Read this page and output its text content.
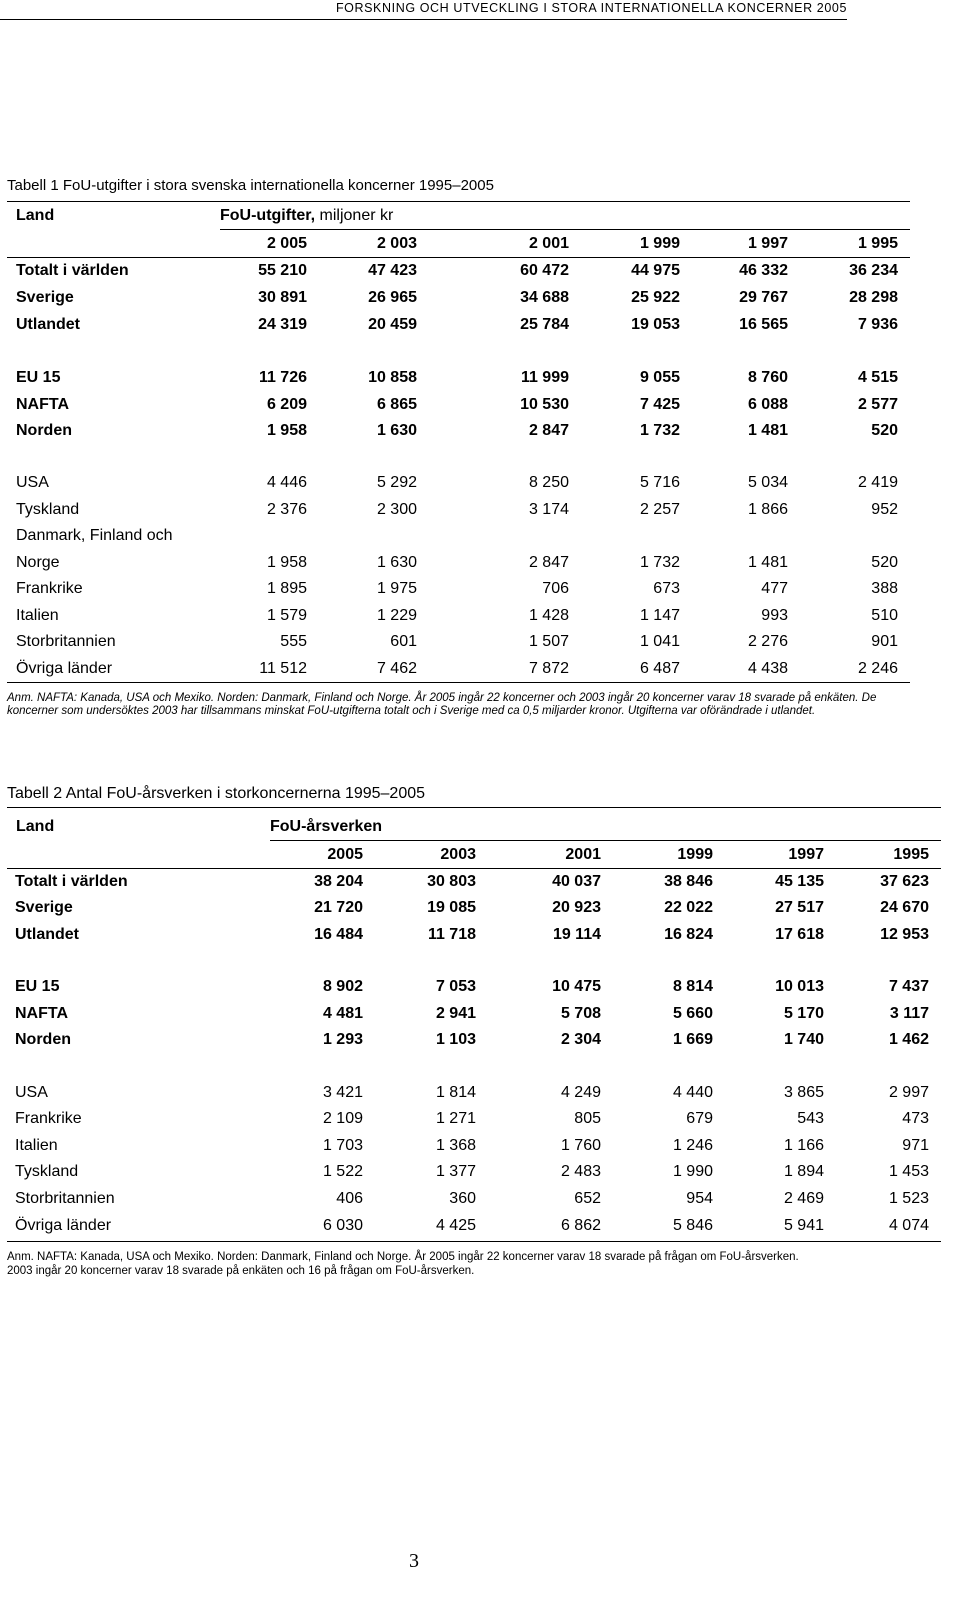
FORSKNING OCH UTVECKLING I STORA INTERNATIONELLA KONCERNER 2005
Tabell 1 FoU-utgifter i stora svenska internationella koncerner 1995–2005
Land	FoU-utgifter, miljoner kr
2 005	2 003	2 001	1 999	1 997	1 995
Totalt i världen	55 210	47 423	60 472	44 975	46 332	36 234
Sverige	30 891	26 965	34 688	25 922	29 767	28 298
Utlandet	24 319	20 459	25 784	19 053	16 565	7 936
EU 15	11 726	10 858	11 999	9 055	8 760	4 515
NAFTA	6 209	6 865	10 530	7 425	6 088	2 577
Norden	1 958	1 630	2 847	1 732	1 481	520
USA	4 446	5 292	8 250	5 716	5 034	2 419
Tyskland	2 376	2 300	3 174	2 257	1 866	952
Danmark, Finland och
Norge	1 958	1 630	2 847	1 732	1 481	520
Frankrike	1 895	1 975	706	673	477	388
Italien	1 579	1 229	1 428	1 147	993	510
Storbritannien	555	601	1 507	1 041	2 276	901
Övriga länder	11 512	7 462	7 872	6 487	4 438	2 246
Anm. NAFTA: Kanada, USA och Mexiko. Norden: Danmark, Finland och Norge. År 2005 ingår 22 koncerner och 2003 ingår 20 koncerner varav 18 svarade på enkäten. De koncerner som undersöktes 2003 har tillsammans minskat FoU-utgifterna totalt och i Sverige med ca 0,5 miljarder kronor. Utgifterna var oförändrade i utlandet.
Tabell 2 Antal FoU-årsverken i storkoncernerna 1995–2005
Land	FoU-årsverken
2005	2003	2001	1999	1997	1995
Totalt i världen	38 204	30 803	40 037	38 846	45 135	37 623
Sverige	21 720	19 085	20 923	22 022	27 517	24 670
Utlandet	16 484	11 718	19 114	16 824	17 618	12 953
EU 15	8 902	7 053	10 475	8 814	10 013	7 437
NAFTA	4 481	2 941	5 708	5 660	5 170	3 117
Norden	1 293	1 103	2 304	1 669	1 740	1 462
USA	3 421	1 814	4 249	4 440	3 865	2 997
Frankrike	2 109	1 271	805	679	543	473
Italien	1 703	1 368	1 760	1 246	1 166	971
Tyskland	1 522	1 377	2 483	1 990	1 894	1 453
Storbritannien	406	360	652	954	2 469	1 523
Övriga länder	6 030	4 425	6 862	5 846	5 941	4 074
Anm. NAFTA: Kanada, USA och Mexiko. Norden: Danmark, Finland och Norge. År 2005 ingår 22 koncerner varav 18 svarade på frågan om FoU-årsverken.
2003 ingår 20 koncerner varav 18 svarade på enkäten och 16 på frågan om FoU-årsverken.
3
